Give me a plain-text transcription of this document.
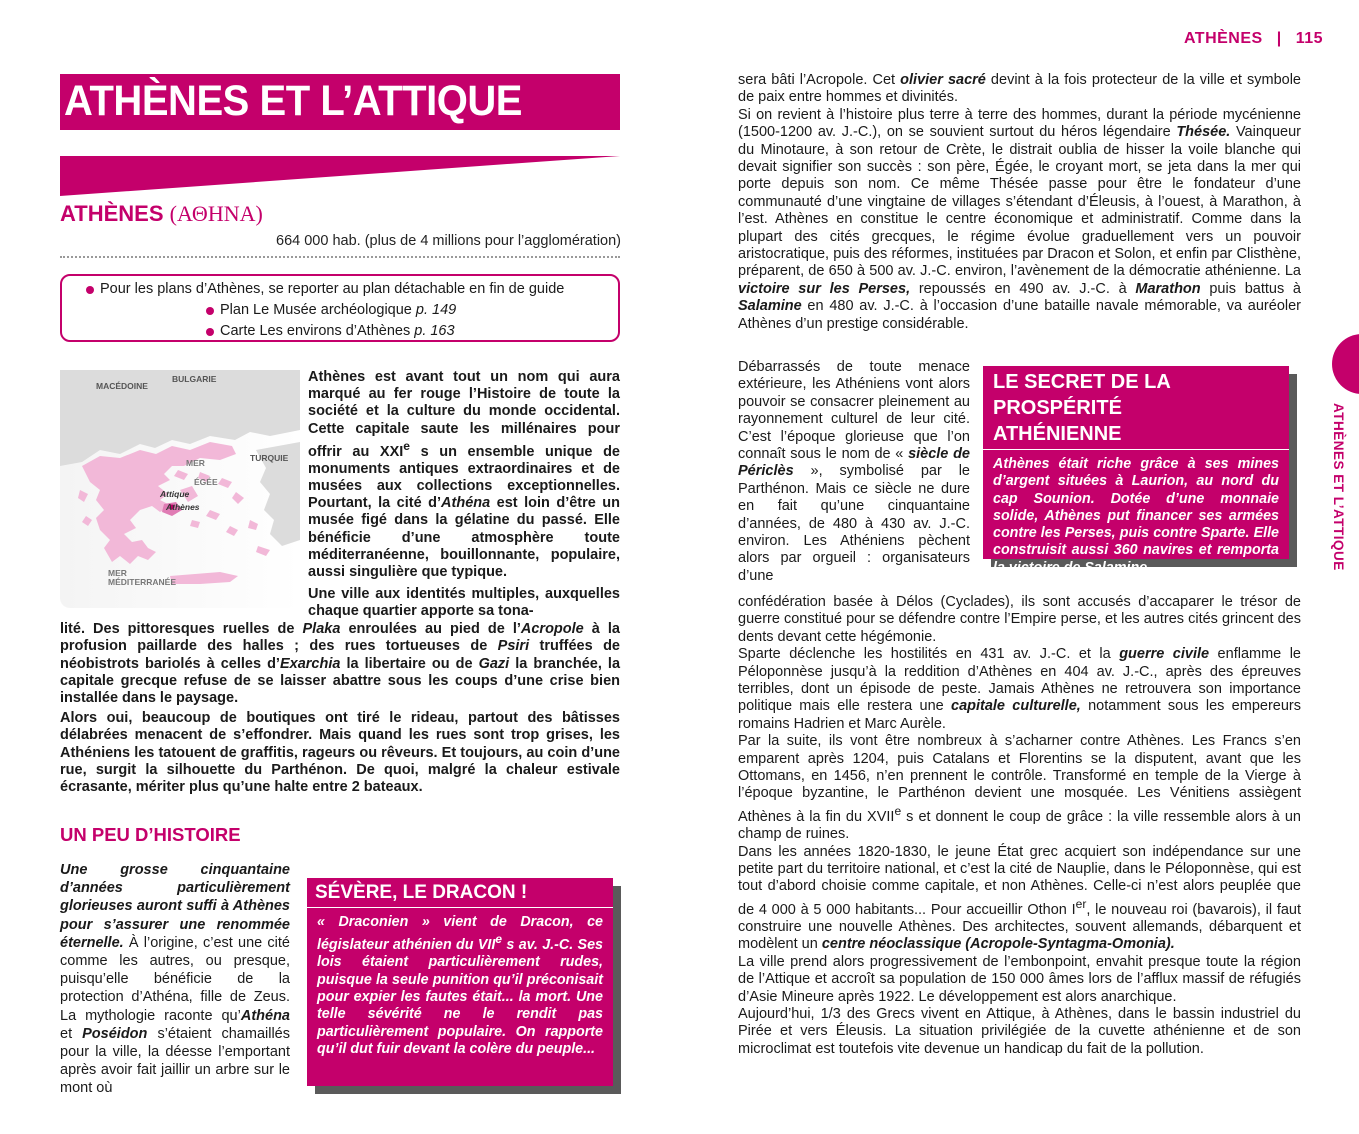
ATHÈNES | 115
ATHÈNES ET L’ATTIQUE
ATHÈNES (ΑΘΗΝΑ)
664 000 hab. (plus de 4 millions pour l’agglomération)
Pour les plans d’Athènes, se reporter au plan détachable en fin de guide
Plan Le Musée archéologique p. 149
Carte Les environs d’Athènes p. 163
MACÉDOINE
BULGARIE
TURQUIE
MER
ÉGÉE
Attique
Athènes
MER
MÉDITERRANÉE
Athènes est avant tout un nom qui aura marqué au fer rouge l’Histoire de toute la société et la culture du monde occidental. Cette capitale saute les millénaires pour offrir au XXIe s un ensemble unique de monuments antiques extraordinaires et de musées aux collections exceptionnelles. Pourtant, la cité d’Athéna est loin d’être un musée figé dans la gélatine du passé. Elle bénéficie d’une atmosphère toute méditerranéenne, bouillonnante, populaire, aussi singulière que typique.
Une ville aux identités multiples, auxquelles chaque quartier apporte sa tona-
lité. Des pittoresques ruelles de Plaka enroulées au pied de l’Acropole à la profusion paillarde des halles ; des rues tortueuses de Psiri truffées de néobistrots bariolés à celles d’Exarchia la libertaire ou de Gazi la branchée, la capitale grecque refuse de se laisser abattre sous les coups d’une crise bien installée dans le paysage.
Alors oui, beaucoup de boutiques ont tiré le rideau, partout des bâtisses délabrées menacent de s’effondrer. Mais quand les rues sont trop grises, les Athéniens les tatouent de graffitis, rageurs ou rêveurs. Et toujours, au coin d’une rue, surgit la silhouette du Parthénon. De quoi, malgré la chaleur estivale écrasante, mériter plus qu’une halte entre 2 bateaux.
UN PEU D’HISTOIRE
Une grosse cinquantaine d’années particulièrement glorieuses auront suffi à Athènes pour s’assurer une renommée éternelle. À l’origine, c’est une cité comme les autres, ou presque, puisqu’elle bénéficie de la protection d’Athéna, fille de Zeus. La mythologie raconte qu’Athéna et Poséidon s’étaient chamaillés pour la ville, la déesse l’emportant après avoir fait jaillir un arbre sur le mont où
SÉVÈRE, LE DRACON !
« Draconien » vient de Dracon, ce législateur athénien du VIIe s av. J.-C. Ses lois étaient particulièrement rudes, puisque la seule punition qu’il préconisait pour expier les fautes était... la mort. Une telle sévérité ne le rendit pas particulièrement populaire. On rapporte qu’il dut fuir devant la colère du peuple...
sera bâti l’Acropole. Cet olivier sacré devint à la fois protecteur de la ville et symbole de paix entre hommes et divinités.
Si on revient à l’histoire plus terre à terre des hommes, durant la période mycénienne (1500-1200 av. J.-C.), on se souvient surtout du héros légendaire Thésée. Vainqueur du Minotaure, à son retour de Crète, le distrait oublia de hisser la voile blanche qui devait signifier son succès : son père, Égée, le croyant mort, se jeta dans la mer qui porte depuis son nom. Ce même Thésée passe pour être le fondateur d’une communauté d’une vingtaine de villages s’étendant d’Éleusis, à l’ouest, à Marathon, à l’est. Athènes en constitue le centre économique et administratif. Comme dans la plupart des cités grecques, le régime évolue graduellement vers un pouvoir aristocratique, puis des réformes, instituées par Dracon et Solon, et enfin par Clisthène, préparent, de 650 à 500 av. J.-C. environ, l’avènement de la démocratie athénienne. La victoire sur les Perses, repoussés en 490 av. J.-C. à Marathon puis battus à Salamine en 480 av. J.-C. à l’occasion d’une bataille navale mémorable, va auréoler Athènes d’un prestige considérable.
Débarrassés de toute menace extérieure, les Athéniens vont alors pouvoir se consacrer pleinement au rayonnement culturel de leur cité. C’est l’époque glorieuse que l’on connaît sous le nom de « siècle de Périclès », symbolisé par le Parthénon. Mais ce siècle ne dure en fait qu’une cinquantaine d’années, de 480 à 430 av. J.-C. environ. Les Athéniens pèchent alors par orgueil : organisateurs d’une
LE SECRET DE LA PROSPÉRITÉ
ATHÉNIENNE
Athènes était riche grâce à ses mines d’argent situées à Laurion, au nord du cap Sounion. Dotée d’une monnaie solide, Athènes put financer ses armées contre les Perses, puis contre Sparte. Elle construisit aussi 360 navires et remporta la victoire de Salamine.
confédération basée à Délos (Cyclades), ils sont accusés d’accaparer le trésor de guerre constitué pour se défendre contre l’Empire perse, et les autres cités grincent des dents devant cette hégémonie.
Sparte déclenche les hostilités en 431 av. J.-C. et la guerre civile enflamme le Péloponnèse jusqu’à la reddition d’Athènes en 404 av. J.-C., après des épreuves terribles, dont un épisode de peste. Jamais Athènes ne retrouvera son importance politique mais elle restera une capitale culturelle, notamment sous les empereurs romains Hadrien et Marc Aurèle.
Par la suite, ils vont être nombreux à s’acharner contre Athènes. Les Francs s’en emparent après 1204, puis Catalans et Florentins se la disputent, avant que les Ottomans, en 1456, n’en prennent le contrôle. Transformé en temple de la Vierge à l’époque byzantine, le Parthénon devient une mosquée. Les Vénitiens assiègent Athènes à la fin du XVIIe s et donnent le coup de grâce : la ville ressemble alors à un champ de ruines.
Dans les années 1820-1830, le jeune État grec acquiert son indépendance sur une petite part du territoire national, et c’est la cité de Nauplie, dans le Péloponnèse, qui est tout d’abord choisie comme capitale, et non Athènes. Celle-ci n’est alors peuplée que de 4 000 à 5 000 habitants... Pour accueillir Othon Ier, le nouveau roi (bavarois), il faut construire une nouvelle Athènes. Des architectes, souvent allemands, débarquent et modèlent un centre néoclassique (Acropole-Syntagma-Omonia).
La ville prend alors progressivement de l’embonpoint, envahit presque toute la région de l’Attique et accroît sa population de 150 000 âmes lors de l’afflux massif de réfugiés d’Asie Mineure après 1922. Le développement est alors anarchique.
Aujourd’hui, 1/3 des Grecs vivent en Attique, à Athènes, dans le bassin industriel du Pirée et vers Éleusis. La situation privilégiée de la cuvette athénienne et de son microclimat est toutefois vite devenue un handicap du fait de la pollution.
ATHÈNES ET L’ATTIQUE
